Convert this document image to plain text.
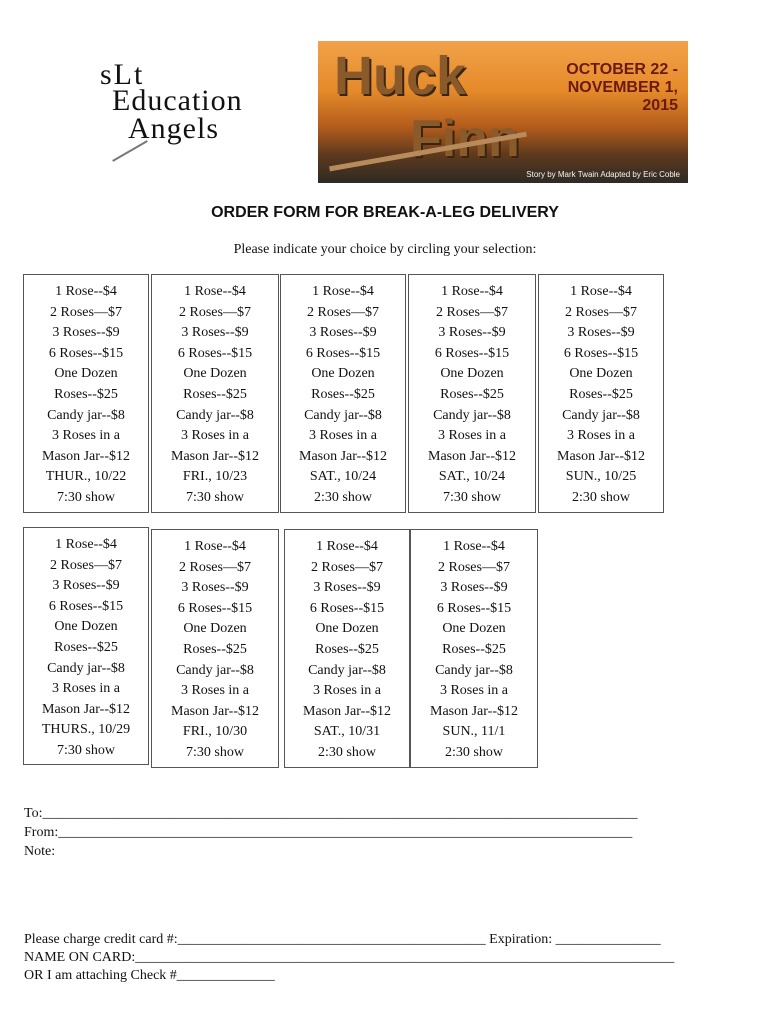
sLt
Education
Angels
Huck
Finn
OCTOBER 22 - NOVEMBER 1, 2015
Story by Mark Twain Adapted by Eric Coble
ORDER FORM FOR BREAK-A-LEG DELIVERY
Please indicate your choice by circling your selection:
1 Rose--$4
2 Roses—$7
3 Roses--$9
6 Roses--$15
One Dozen
Roses--$25
Candy jar--$8
3 Roses in a
Mason Jar--$12
THUR., 10/22
7:30 show
1 Rose--$4
2 Roses—$7
3 Roses--$9
6 Roses--$15
One Dozen
Roses--$25
Candy jar--$8
3 Roses in a
Mason Jar--$12
FRI., 10/23
7:30 show
1 Rose--$4
2 Roses—$7
3 Roses--$9
6 Roses--$15
One Dozen
Roses--$25
Candy jar--$8
3 Roses in a
Mason Jar--$12
SAT., 10/24
2:30 show
1 Rose--$4
2 Roses—$7
3 Roses--$9
6 Roses--$15
One Dozen
Roses--$25
Candy jar--$8
3 Roses in a
Mason Jar--$12
SAT., 10/24
7:30 show
1 Rose--$4
2 Roses—$7
3 Roses--$9
6 Roses--$15
One Dozen
Roses--$25
Candy jar--$8
3 Roses in a
Mason Jar--$12
SUN., 10/25
2:30 show
1 Rose--$4
2 Roses—$7
3 Roses--$9
6 Roses--$15
One Dozen
Roses--$25
Candy jar--$8
3 Roses in a
Mason Jar--$12
THURS., 10/29
7:30 show
1 Rose--$4
2 Roses—$7
3 Roses--$9
6 Roses--$15
One Dozen
Roses--$25
Candy jar--$8
3 Roses in a
Mason Jar--$12
FRI., 10/30
7:30 show
1 Rose--$4
2 Roses—$7
3 Roses--$9
6 Roses--$15
One Dozen
Roses--$25
Candy jar--$8
3 Roses in a
Mason Jar--$12
SAT., 10/31
2:30 show
1 Rose--$4
2 Roses—$7
3 Roses--$9
6 Roses--$15
One Dozen
Roses--$25
Candy jar--$8
3 Roses in a
Mason Jar--$12
SUN., 11/1
2:30 show
To:_____________________________________________________________________________________
From:__________________________________________________________________________________
Note:
Please charge credit card #:____________________________________________ Expiration: _______________
NAME ON CARD:_____________________________________________________________________________
OR I am attaching Check #______________
